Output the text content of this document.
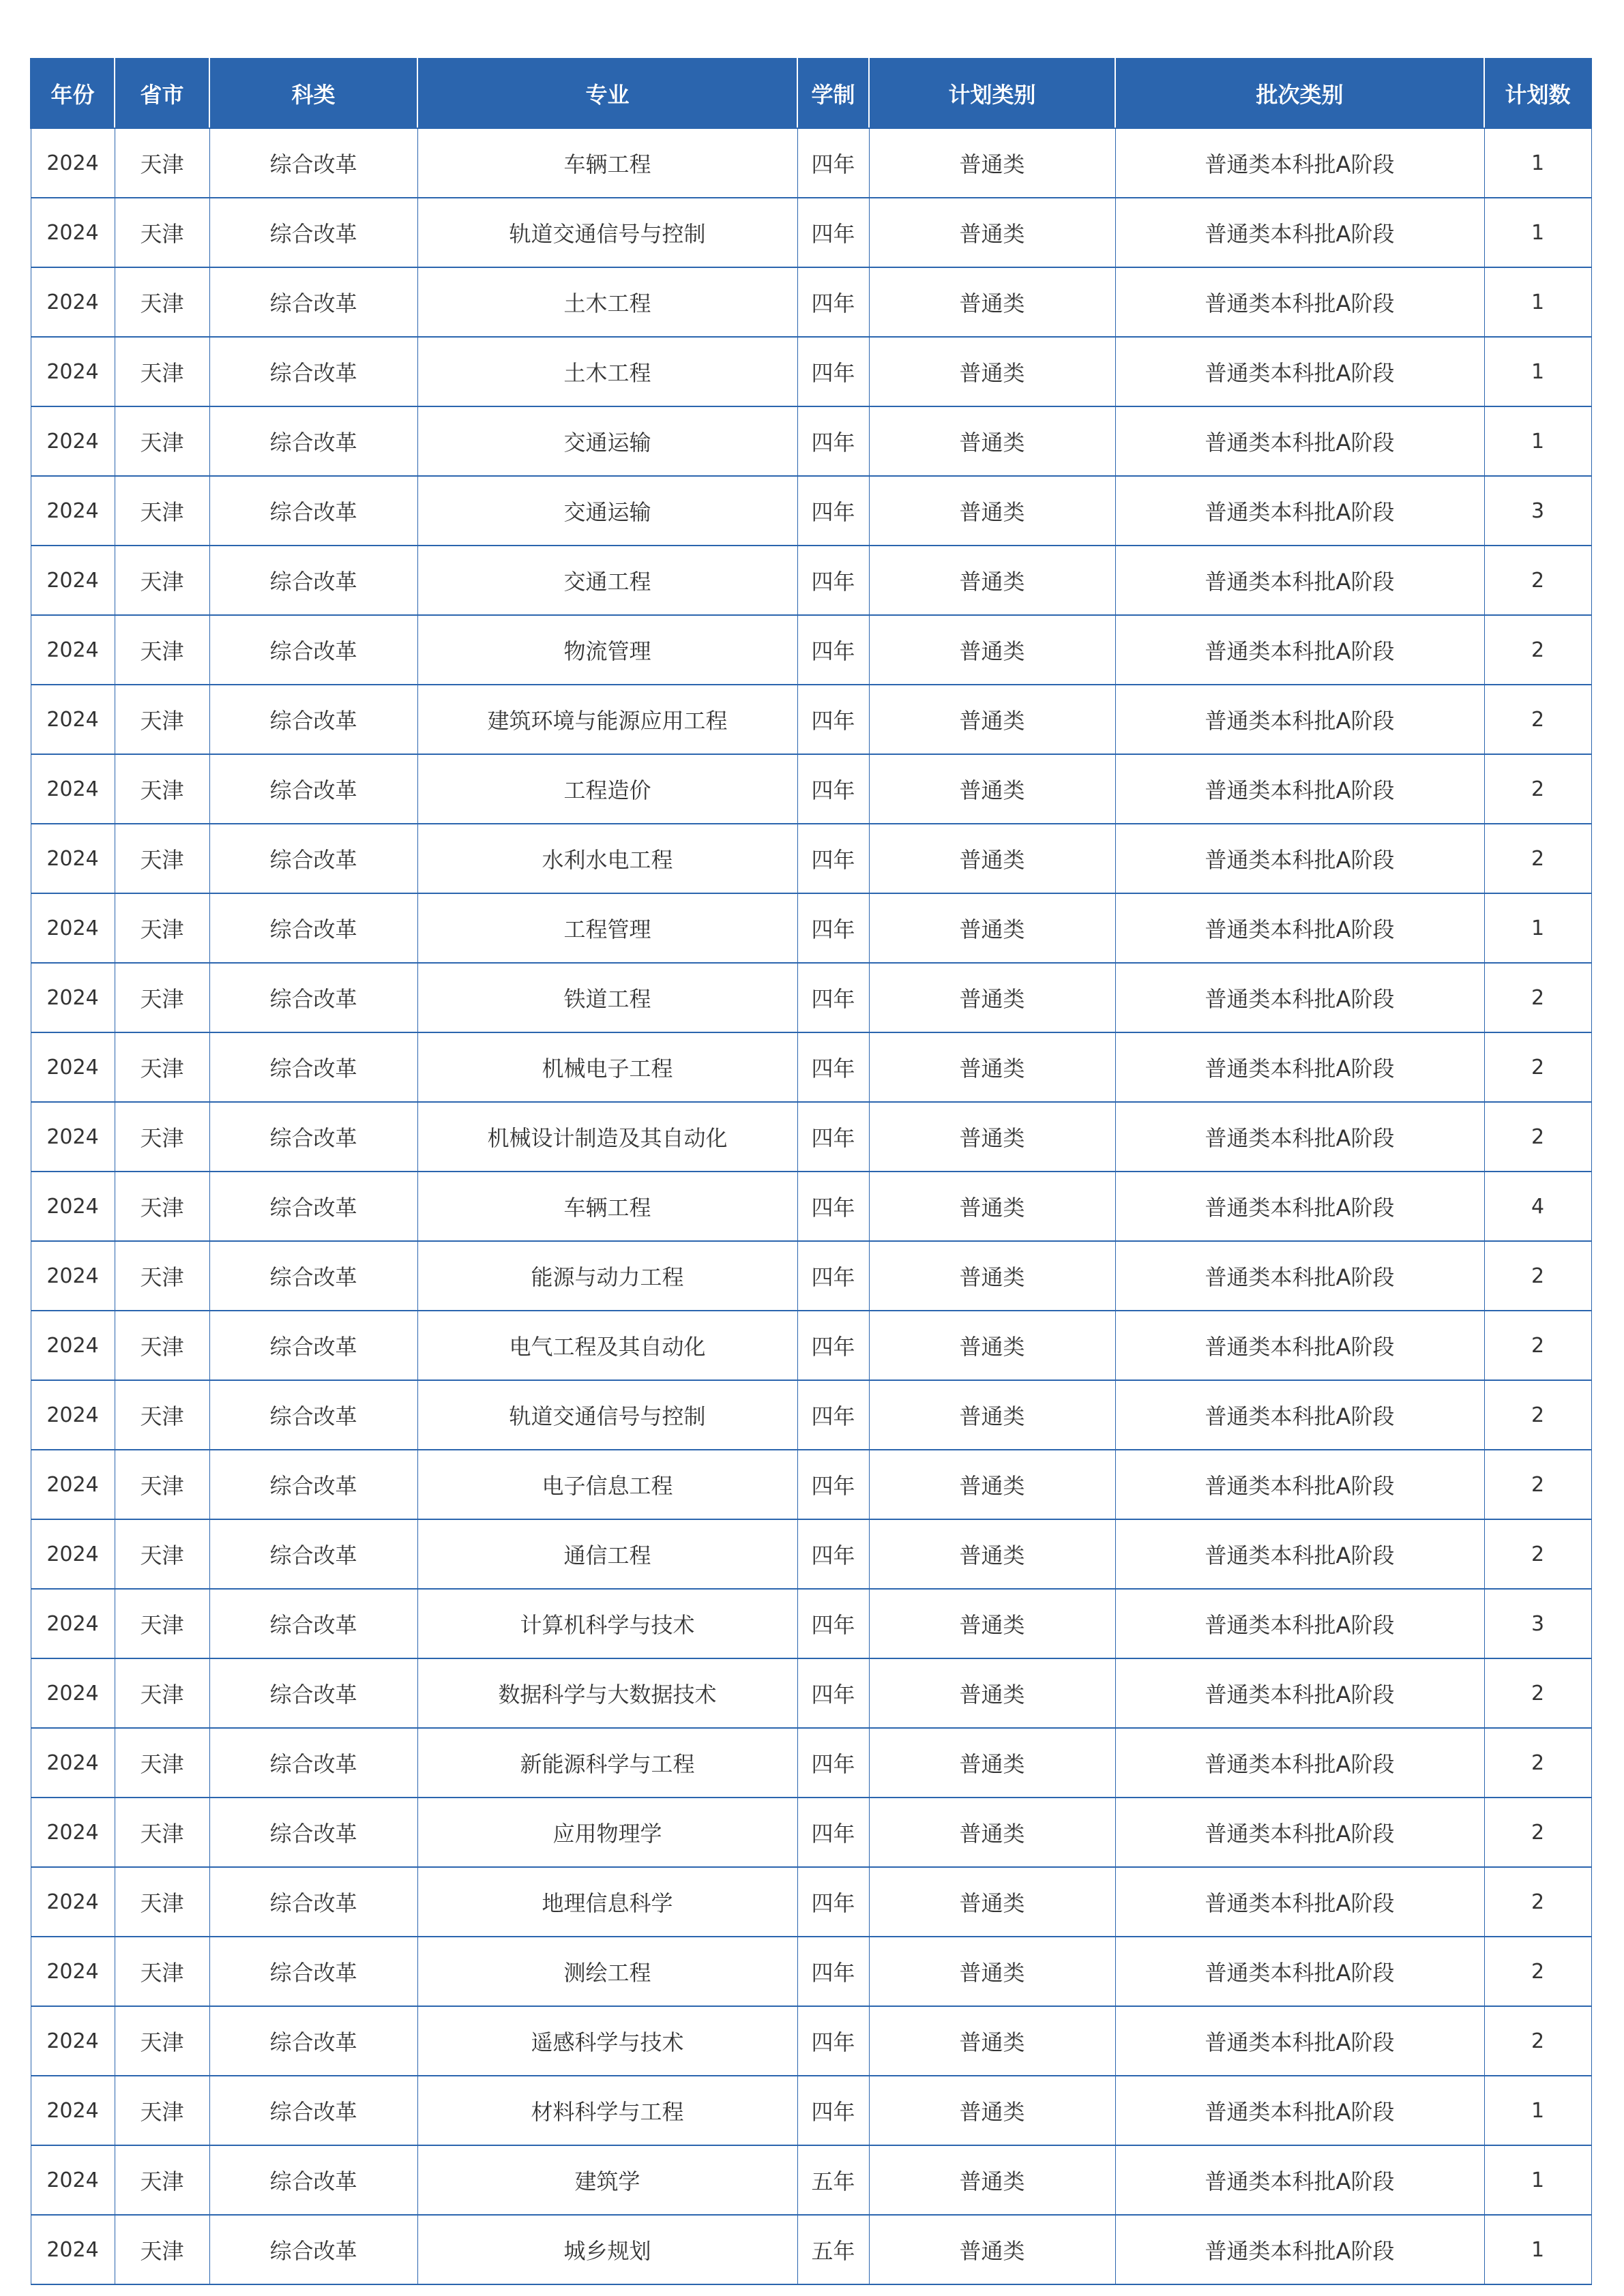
年份	省市	科类	专业	学制	计划类别	批次类别	计划数
2024	天津	综合改革	车辆工程	四年	普通类	普通类本科批A阶段	1
2024	天津	综合改革	轨道交通信号与控制	四年	普通类	普通类本科批A阶段	1
2024	天津	综合改革	土木工程	四年	普通类	普通类本科批A阶段	1
2024	天津	综合改革	土木工程	四年	普通类	普通类本科批A阶段	1
2024	天津	综合改革	交通运输	四年	普通类	普通类本科批A阶段	1
2024	天津	综合改革	交通运输	四年	普通类	普通类本科批A阶段	3
2024	天津	综合改革	交通工程	四年	普通类	普通类本科批A阶段	2
2024	天津	综合改革	物流管理	四年	普通类	普通类本科批A阶段	2
2024	天津	综合改革	建筑环境与能源应用工程	四年	普通类	普通类本科批A阶段	2
2024	天津	综合改革	工程造价	四年	普通类	普通类本科批A阶段	2
2024	天津	综合改革	水利水电工程	四年	普通类	普通类本科批A阶段	2
2024	天津	综合改革	工程管理	四年	普通类	普通类本科批A阶段	1
2024	天津	综合改革	铁道工程	四年	普通类	普通类本科批A阶段	2
2024	天津	综合改革	机械电子工程	四年	普通类	普通类本科批A阶段	2
2024	天津	综合改革	机械设计制造及其自动化	四年	普通类	普通类本科批A阶段	2
2024	天津	综合改革	车辆工程	四年	普通类	普通类本科批A阶段	4
2024	天津	综合改革	能源与动力工程	四年	普通类	普通类本科批A阶段	2
2024	天津	综合改革	电气工程及其自动化	四年	普通类	普通类本科批A阶段	2
2024	天津	综合改革	轨道交通信号与控制	四年	普通类	普通类本科批A阶段	2
2024	天津	综合改革	电子信息工程	四年	普通类	普通类本科批A阶段	2
2024	天津	综合改革	通信工程	四年	普通类	普通类本科批A阶段	2
2024	天津	综合改革	计算机科学与技术	四年	普通类	普通类本科批A阶段	3
2024	天津	综合改革	数据科学与大数据技术	四年	普通类	普通类本科批A阶段	2
2024	天津	综合改革	新能源科学与工程	四年	普通类	普通类本科批A阶段	2
2024	天津	综合改革	应用物理学	四年	普通类	普通类本科批A阶段	2
2024	天津	综合改革	地理信息科学	四年	普通类	普通类本科批A阶段	2
2024	天津	综合改革	测绘工程	四年	普通类	普通类本科批A阶段	2
2024	天津	综合改革	遥感科学与技术	四年	普通类	普通类本科批A阶段	2
2024	天津	综合改革	材料科学与工程	四年	普通类	普通类本科批A阶段	1
2024	天津	综合改革	建筑学	五年	普通类	普通类本科批A阶段	1
2024	天津	综合改革	城乡规划	五年	普通类	普通类本科批A阶段	1
